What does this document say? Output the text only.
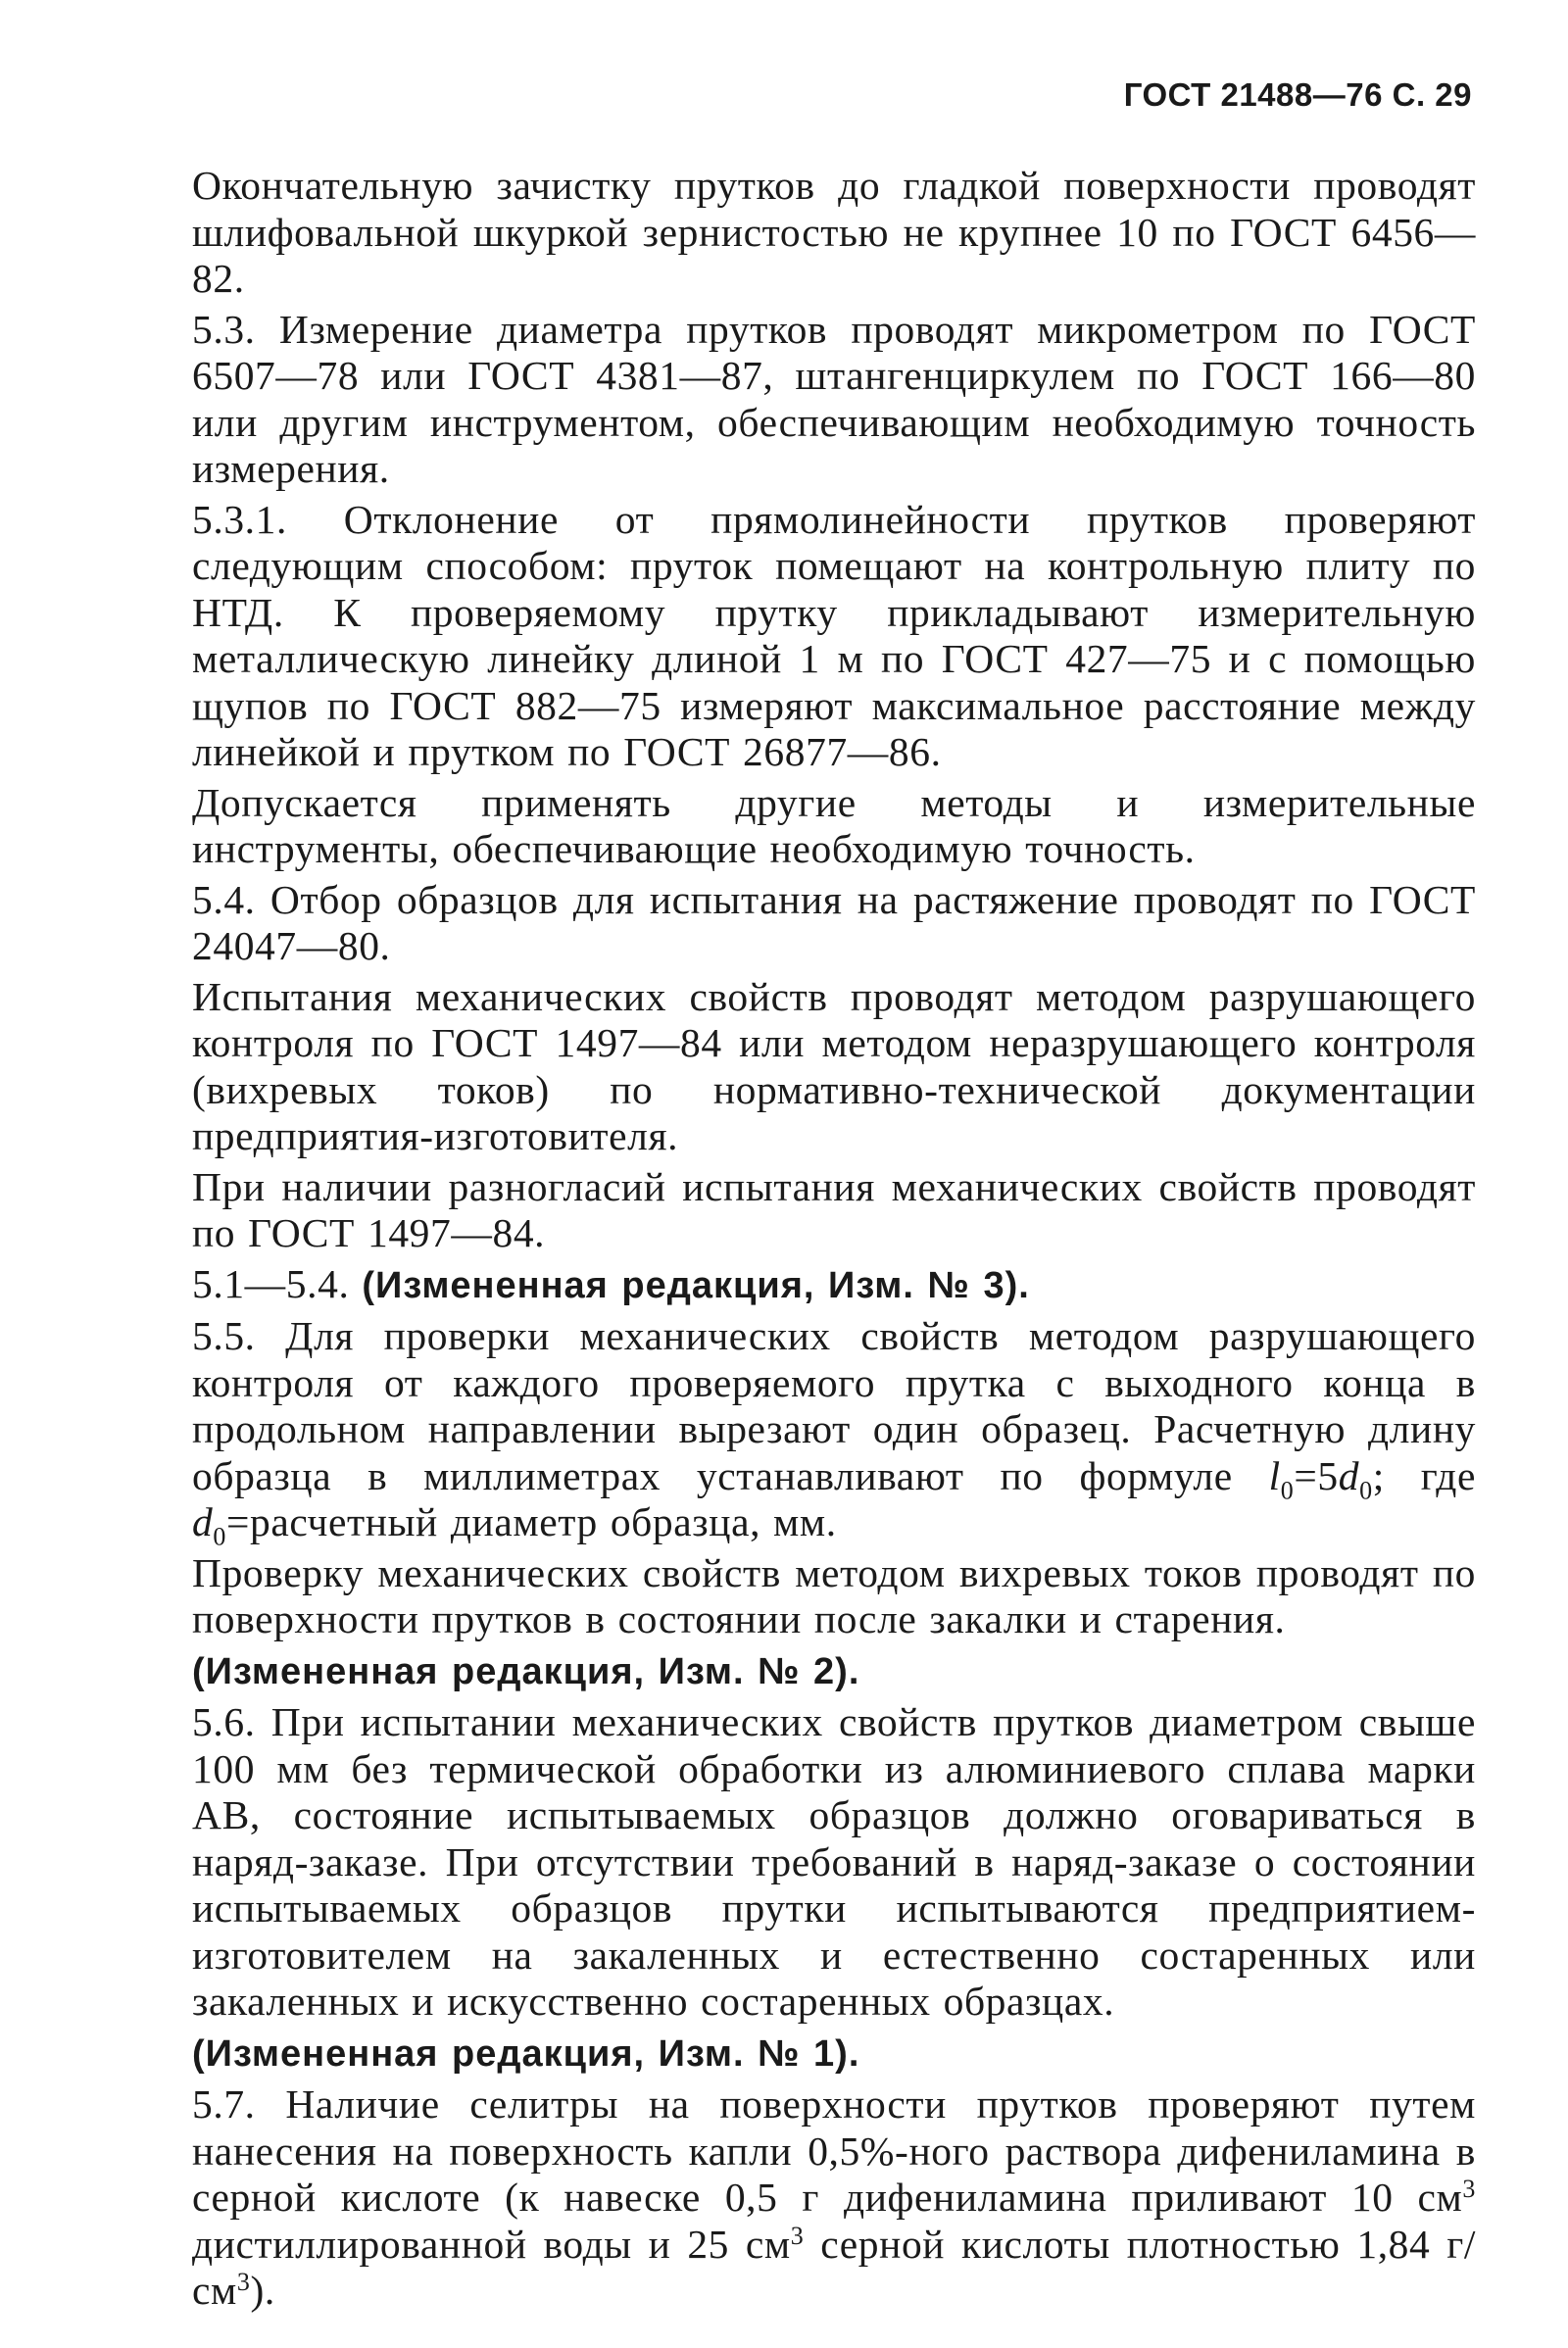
ГОСТ 21488—76 С. 29

Окончательную зачистку прутков до гладкой поверхности проводят шлифовальной шкуркой зернистостью не крупнее 10 по ГОСТ 6456—82.

5.3. Измерение диаметра прутков проводят микрометром по ГОСТ 6507—78 или ГОСТ 4381—87, штангенциркулем по ГОСТ 166—80 или другим инструментом, обеспечивающим необходимую точность измерения.

5.3.1. Отклонение от прямолинейности прутков проверяют следующим способом: пруток помещают на контрольную плиту по НТД. К проверяемому прутку прикладывают измерительную металлическую линейку длиной 1 м по ГОСТ 427—75 и с помощью щупов по ГОСТ 882—75 измеряют максимальное расстояние между линейкой и прутком по ГОСТ 26877—86.

Допускается применять другие методы и измерительные инструменты, обеспечивающие необходимую точность.

5.4. Отбор образцов для испытания на растяжение проводят по ГОСТ 24047—80.

Испытания механических свойств проводят методом разрушающего контроля по ГОСТ 1497—84 или методом неразрушающего контроля (вихревых токов) по нормативно-технической документации предприятия-изготовителя.

При наличии разногласий испытания механических свойств проводят по ГОСТ 1497—84.

5.1—5.4. (Измененная редакция, Изм. № 3).

5.5. Для проверки механических свойств методом разрушающего контроля от каждого проверяемого прутка с выходного конца в продольном направлении вырезают один образец. Расчетную длину образца в миллиметрах устанавливают по формуле $l_0=5d_0$; где $d_0=расчетный$ диаметр образца, мм.

Проверку механических свойств методом вихревых токов проводят по поверхности прутков в состоянии после закалки и старения.

(Измененная редакция, Изм. № 2).

5.6. При испытании механических свойств прутков диаметром свыше 100 мм без термической обработки из алюминиевого сплава марки АВ, состояние испытываемых образцов должно оговариваться в наряд-заказе. При отсутствии требований в наряд-заказе о состоянии испытываемых образцов прутки испытываются предприятием-изготовителем на закаленных и естественно состаренных или закаленных и искусственно состаренных образцах.

(Измененная редакция, Изм. № 1).

5.7. Наличие селитры на поверхности прутков проверяют путем нанесения на поверхность капли 0,5%-ного раствора дифениламина в серной кислоте (к навеске 0,5 г дифениламина приливают 10 $см^3$ дистиллированной воды и 25 $см^3$ серной кислоты плотностью 1,84 $г/см^3$).
